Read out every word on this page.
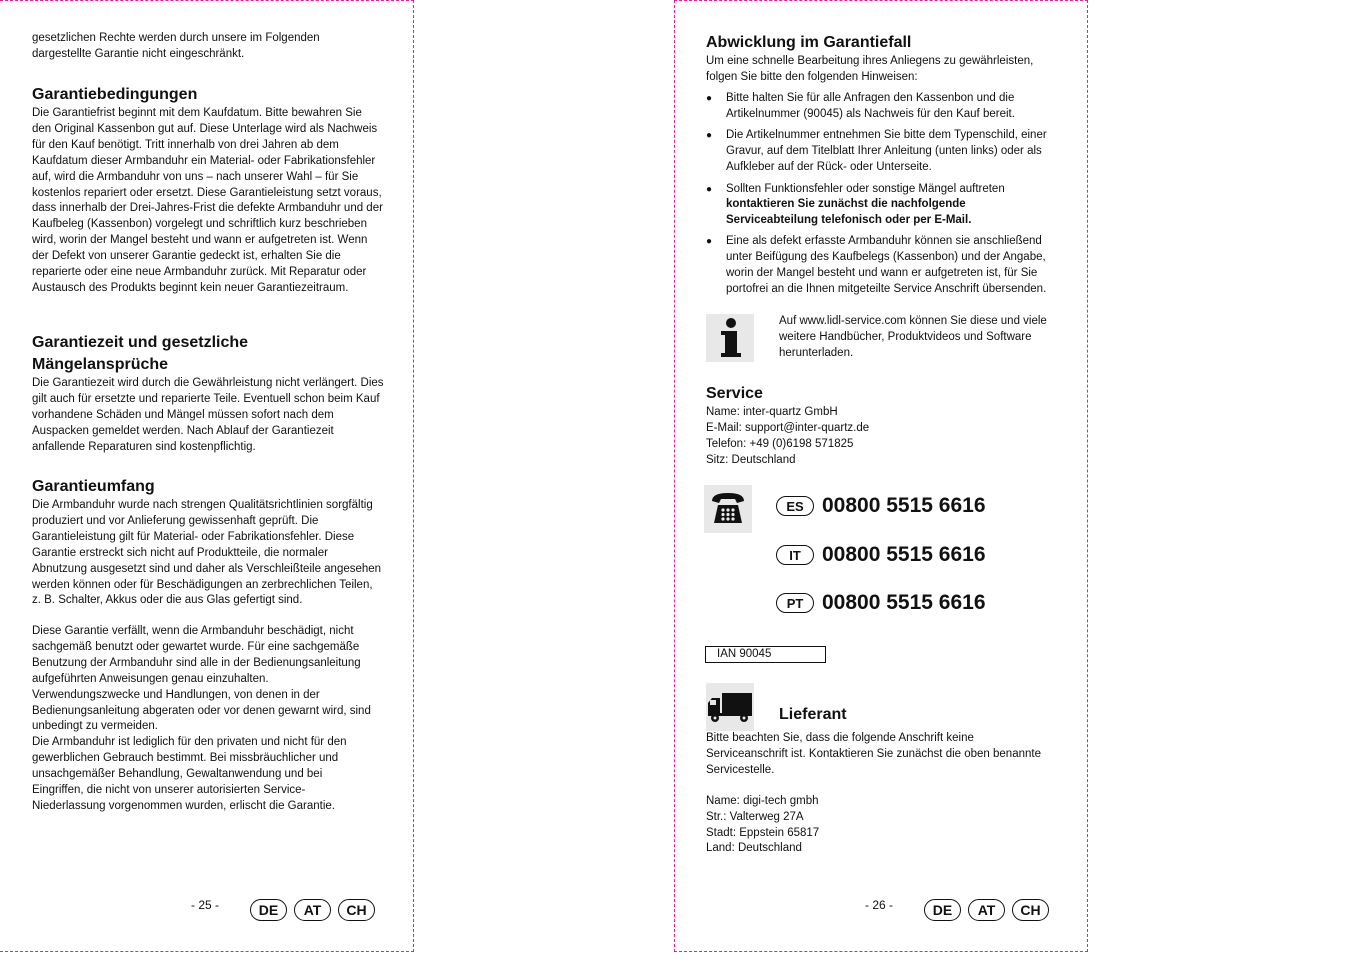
gesetzlichen Rechte werden durch unsere im Folgenden dargestellte Garantie nicht eingeschränkt.
Garantiebedingungen
Die Garantiefrist beginnt mit dem Kaufdatum. Bitte bewahren Sie den Original Kassenbon gut auf. Diese Unterlage wird als Nachweis für den Kauf benötigt. Tritt innerhalb von drei Jahren ab dem Kaufdatum dieser Armbanduhr ein Material- oder Fabrikationsfehler auf, wird die Armbanduhr von uns – nach unserer Wahl – für Sie kostenlos repariert oder ersetzt. Diese Garantieleistung setzt voraus, dass innerhalb der Drei-Jahres-Frist die defekte Armbanduhr und der Kaufbeleg (Kassenbon) vorgelegt und schriftlich kurz beschrieben wird, worin der Mangel besteht und wann er aufgetreten ist. Wenn der Defekt von unserer Garantie gedeckt ist, erhalten Sie die reparierte oder eine neue Armbanduhr zurück. Mit Reparatur oder Austausch des Produkts beginnt kein neuer Garantiezeitraum.
Garantiezeit und gesetzliche Mängelansprüche
Die Garantiezeit wird durch die Gewährleistung nicht verlängert. Dies gilt auch für ersetzte und reparierte Teile. Eventuell schon beim Kauf vorhandene Schäden und Mängel müssen sofort nach dem Auspacken gemeldet werden. Nach Ablauf der Garantiezeit anfallende Reparaturen sind kostenpflichtig.
Garantieumfang
Die Armbanduhr wurde nach strengen Qualitätsrichtlinien sorgfältig produziert und vor Anlieferung gewissenhaft geprüft. Die Garantieleistung gilt für Material- oder Fabrikationsfehler. Diese Garantie erstreckt sich nicht auf Produktteile, die normaler Abnutzung ausgesetzt sind und daher als Verschleißteile angesehen werden können oder für Beschädigungen an zerbrechlichen Teilen, z. B. Schalter, Akkus oder die aus Glas gefertigt sind.
Diese Garantie verfällt, wenn die Armbanduhr beschädigt, nicht sachgemäß benutzt oder gewartet wurde. Für eine sachgemäße Benutzung der Armbanduhr sind alle in der Bedienungsanleitung aufgeführten Anweisungen genau einzuhalten. Verwendungszwecke und Handlungen, von denen in der Bedienungsanleitung abgeraten oder vor denen gewarnt wird, sind unbedingt zu vermeiden.
Die Armbanduhr ist lediglich für den privaten und nicht für den gewerblichen Gebrauch bestimmt. Bei missbräuchlicher und unsachgemäßer Behandlung, Gewaltanwendung und bei Eingriffen, die nicht von unserer autorisierten Service-Niederlassung vorgenommen wurden, erlischt die Garantie.
- 25 -	DE	AT	CH
Abwicklung im Garantiefall
Um eine schnelle Bearbeitung ihres Anliegens zu gewährleisten, folgen Sie bitte den folgenden Hinweisen:
● Bitte halten Sie für alle Anfragen den Kassenbon und die Artikelnummer (90045) als Nachweis für den Kauf bereit.
● Die Artikelnummer entnehmen Sie bitte dem Typenschild, einer Gravur, auf dem Titelblatt Ihrer Anleitung (unten links) oder als Aufkleber auf der Rück- oder Unterseite.
● Sollten Funktionsfehler oder sonstige Mängel auftreten kontaktieren Sie zunächst die nachfolgende Serviceabteilung telefonisch oder per E-Mail.
● Eine als defekt erfasste Armbanduhr können sie anschließend unter Beifügung des Kaufbelegs (Kassenbon) und der Angabe, worin der Mangel besteht und wann er aufgetreten ist, für Sie portofrei an die Ihnen mitgeteilte Service Anschrift übersenden.
Auf www.lidl-service.com können Sie diese und viele weitere Handbücher, Produktvideos und Software herunterladen.
Service
Name: inter-quartz GmbH
E-Mail: support@inter-quartz.de
Telefon: +49 (0)6198 571825
Sitz: Deutschland
ES 00800 5515 6616
IT	00800 5515 6616
PT 00800 5515 6616
IAN 90045
Lieferant
Bitte beachten Sie, dass die folgende Anschrift keine Serviceanschrift ist. Kontaktieren Sie zunächst die oben benannte Servicestelle.
Name: digi-tech gmbh
Str.: Valterweg 27A
Stadt: Eppstein 65817
Land: Deutschland
- 26 -	DE	AT	CH
